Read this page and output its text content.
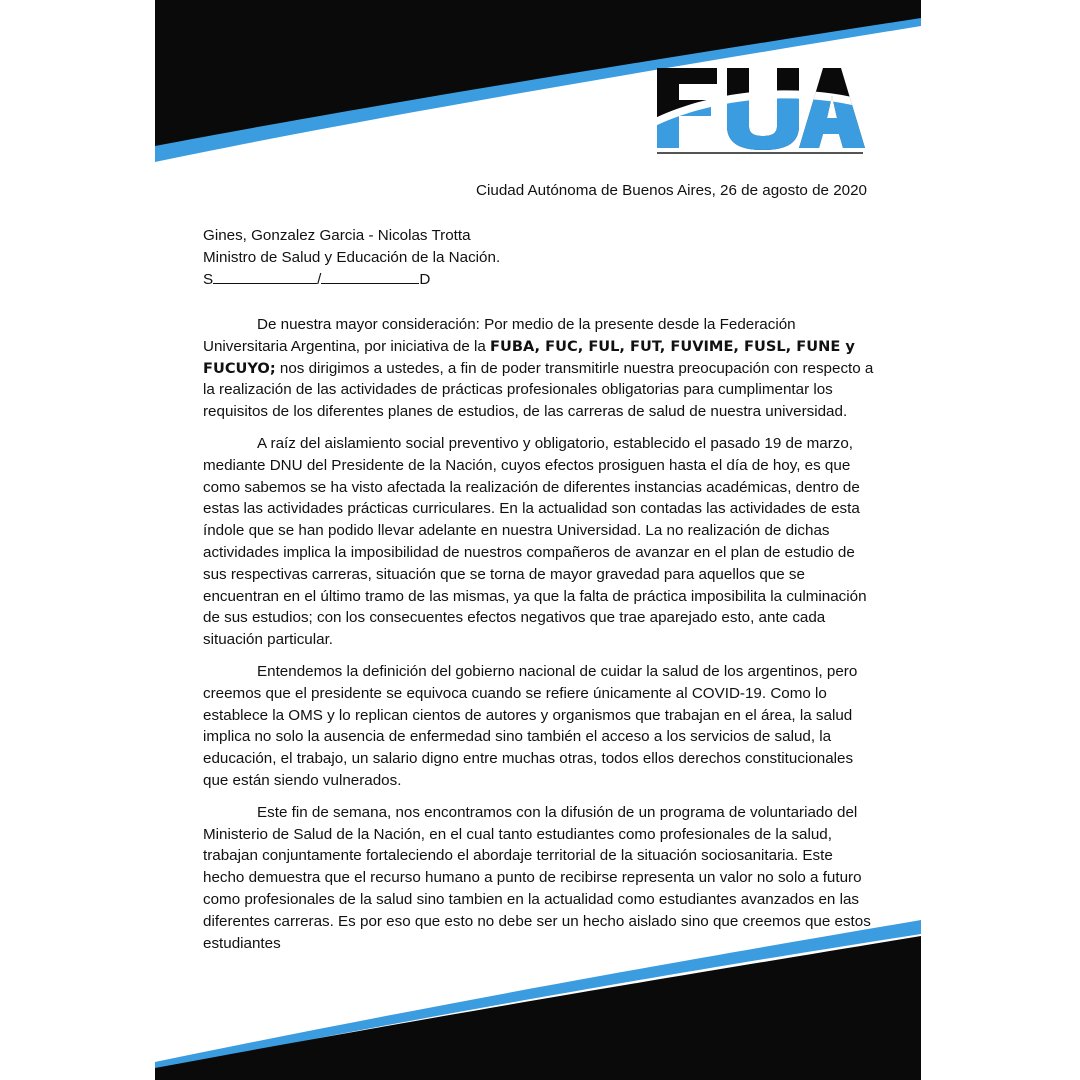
Ciudad Autónoma de Buenos Aires, 26 de agosto de 2020
Gines, Gonzalez Garcia - Nicolas Trotta
Ministro de Salud y Educación de la Nación.
S	/	D

De nuestra mayor consideración: Por medio de la presente desde la Federación Universitaria Argentina, por iniciativa de la FUBA, FUC, FUL, FUT, FUVIME, FUSL, FUNE y FUCUYO; nos dirigimos a ustedes, a fin de poder transmitirle nuestra preocupación con respecto a la realización de las actividades de prácticas profesionales obligatorias para cumplimentar los requisitos de los diferentes planes de estudios, de las carreras de salud de nuestra universidad.

A raíz del aislamiento social preventivo y obligatorio, establecido el pasado 19 de marzo, mediante DNU del Presidente de la Nación, cuyos efectos prosiguen hasta el día de hoy, es que como sabemos se ha visto afectada la realización de diferentes instancias académicas, dentro de estas las actividades prácticas curriculares. En la actualidad son contadas las actividades de esta índole que se han podido llevar adelante en nuestra Universidad. La no realización de dichas actividades implica la imposibilidad de nuestros compañeros de avanzar en el plan de estudio de sus respectivas carreras, situación que se torna de mayor gravedad para aquellos que se encuentran en el último tramo de las mismas, ya que la falta de práctica imposibilita la culminación de sus estudios; con los consecuentes efectos negativos que trae aparejado esto, ante cada situación particular.

Entendemos la definición del gobierno nacional de cuidar la salud de los argentinos, pero creemos que el presidente se equivoca cuando se refiere únicamente al COVID-19. Como lo establece la OMS y lo replican cientos de autores y organismos que trabajan en el área, la salud implica no solo la ausencia de enfermedad sino también el acceso a los servicios de salud, la educación, el trabajo, un salario digno entre muchas otras, todos ellos derechos constitucionales que están siendo vulnerados.

Este fin de semana, nos encontramos con la difusión de un programa de voluntariado del Ministerio de Salud de la Nación, en el cual tanto estudiantes como profesionales de la salud, trabajan conjuntamente fortaleciendo el abordaje territorial de la situación sociosanitaria. Este hecho demuestra que el recurso humano a punto de recibirse representa un valor no solo a futuro como profesionales de la salud sino tambien en la actualidad como estudiantes avanzados en las diferentes carreras. Es por eso que esto no debe ser un hecho aislado sino que creemos que estos estudiantes
